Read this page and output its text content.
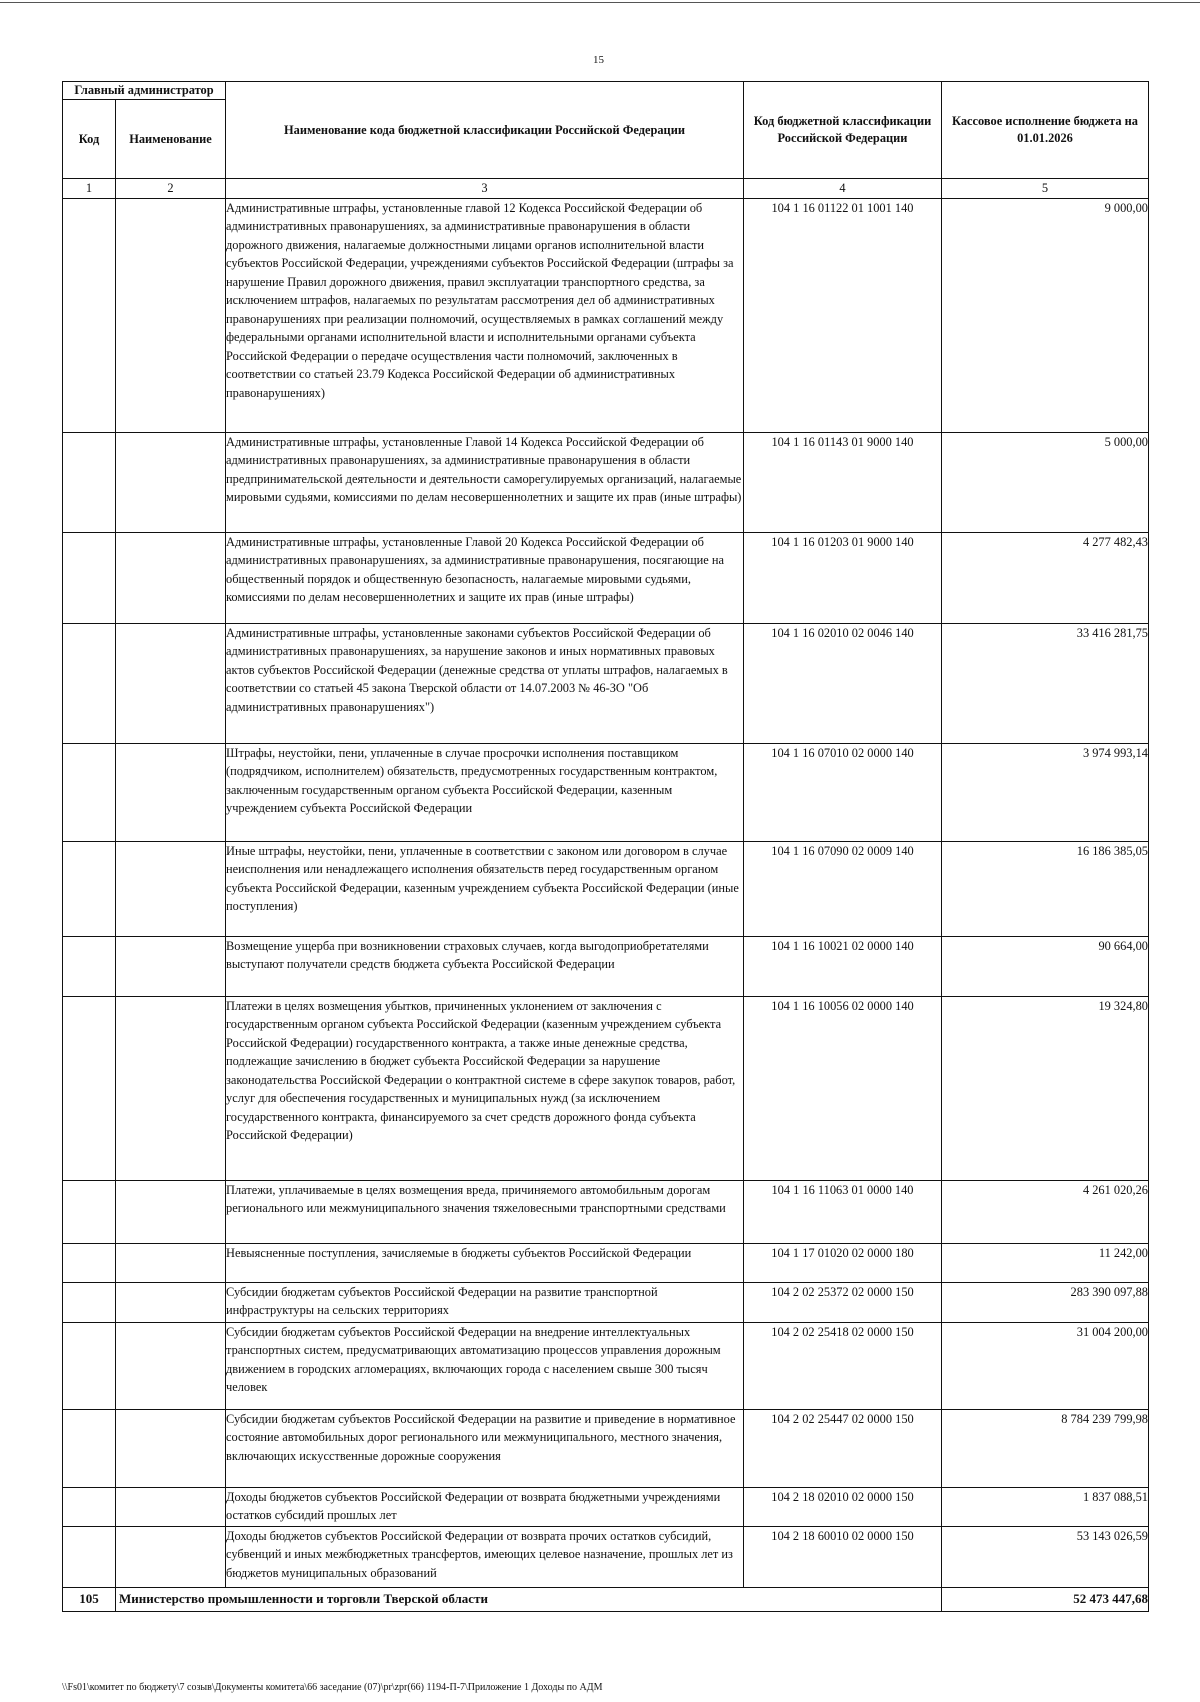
15
Главный администратор		Наименование кода бюджетной классификации Российской Федерации	Код бюджетной классификации Российской Федерации	Кассовое исполнение бюджета на 01.01.2026
Код	Наименование			
1	2	3	4	5
		Административные штрафы, установленные главой 12 Кодекса Российской Федерации об административных правонарушениях, за административные правонарушения в области дорожного движения, налагаемые должностными лицами органов исполнительной власти субъектов Российской Федерации, учреждениями субъектов Российской Федерации (штрафы за нарушение Правил дорожного движения, правил эксплуатации транспортного средства, за исключением штрафов, налагаемых по результатам рассмотрения дел об административных правонарушениях при реализации полномочий, осуществляемых в рамках соглашений между федеральными органами исполнительной власти и исполнительными органами субъекта Российской Федерации о передаче осуществления части полномочий, заключенных в соответствии со статьей 23.79 Кодекса Российской Федерации об административных правонарушениях)	104 1 16 01122 01 1001 140	9 000,00
		Административные штрафы, установленные Главой 14 Кодекса Российской Федерации об административных правонарушениях, за административные правонарушения в области предпринимательской деятельности и деятельности саморегулируемых организаций, налагаемые мировыми судьями, комиссиями по делам несовершеннолетних и защите их прав (иные штрафы)	104 1 16 01143 01 9000 140	5 000,00
		Административные штрафы, установленные Главой 20 Кодекса Российской Федерации об административных правонарушениях, за административные правонарушения, посягающие на общественный порядок и общественную безопасность, налагаемые мировыми судьями, комиссиями по делам несовершеннолетних и защите их прав (иные штрафы)	104 1 16 01203 01 9000 140	4 277 482,43
		Административные штрафы, установленные законами субъектов Российской Федерации об административных правонарушениях, за нарушение законов и иных нормативных правовых актов субъектов Российской Федерации (денежные средства от уплаты штрафов, налагаемых в соответствии со статьей 45 закона Тверской области от 14.07.2003 № 46-ЗО "Об административных правонарушениях")	104 1 16 02010 02 0046 140	33 416 281,75
		Штрафы, неустойки, пени, уплаченные в случае просрочки исполнения поставщиком (подрядчиком, исполнителем) обязательств, предусмотренных государственным контрактом, заключенным государственным органом субъекта Российской Федерации, казенным учреждением субъекта Российской Федерации	104 1 16 07010 02 0000 140	3 974 993,14
		Иные штрафы, неустойки, пени, уплаченные в соответствии с законом или договором в случае неисполнения или ненадлежащего исполнения обязательств перед государственным органом субъекта Российской Федерации, казенным учреждением субъекта Российской Федерации (иные поступления)	104 1 16 07090 02 0009 140	16 186 385,05
		Возмещение ущерба при возникновении страховых случаев, когда выгодоприобретателями выступают получатели средств бюджета субъекта Российской Федерации	104 1 16 10021 02 0000 140	90 664,00
		Платежи в целях возмещения убытков, причиненных уклонением от заключения с государственным органом субъекта Российской Федерации (казенным учреждением субъекта Российской Федерации) государственного контракта, а также иные денежные средства, подлежащие зачислению в бюджет субъекта Российской Федерации за нарушение законодательства Российской Федерации о контрактной системе в сфере закупок товаров, работ, услуг для обеспечения государственных и муниципальных нужд (за исключением государственного контракта, финансируемого за счет средств дорожного фонда субъекта Российской Федерации)	104 1 16 10056 02 0000 140	19 324,80
		Платежи, уплачиваемые в целях возмещения вреда, причиняемого автомобильным дорогам регионального или межмуниципального значения тяжеловесными транспортными средствами	104 1 16 11063 01 0000 140	4 261 020,26
		Невыясненные поступления, зачисляемые в бюджеты субъектов Российской Федерации	104 1 17 01020 02 0000 180	11 242,00
		Субсидии бюджетам субъектов Российской Федерации на развитие транспортной инфраструктуры на сельских территориях	104 2 02 25372 02 0000 150	283 390 097,88
		Субсидии бюджетам субъектов Российской Федерации на внедрение интеллектуальных транспортных систем, предусматривающих автоматизацию процессов управления дорожным движением в городских агломерациях, включающих города с населением свыше 300 тысяч человек	104 2 02 25418 02 0000 150	31 004 200,00
		Субсидии бюджетам субъектов Российской Федерации на развитие и приведение в нормативное состояние автомобильных дорог регионального или межмуниципального, местного значения, включающих искусственные дорожные сооружения	104 2 02 25447 02 0000 150	8 784 239 799,98
		Доходы бюджетов субъектов Российской Федерации от возврата бюджетными учреждениями остатков субсидий прошлых лет	104 2 18 02010 02 0000 150	1 837 088,51
		Доходы бюджетов субъектов Российской Федерации от возврата прочих остатков субсидий, субвенций и иных межбюджетных трансфертов, имеющих целевое назначение, прошлых лет из бюджетов муниципальных образований	104 2 18 60010 02 0000 150	53 143 026,59
105	Министерство промышленности и торговли Тверской области			52 473 447,68
\\Fs01\комитет по бюджету\7 созыв\Документы комитета\66 заседание (07)\pr\zpr(66) 1194-П-7\Приложение 1 Доходы по АДМ
